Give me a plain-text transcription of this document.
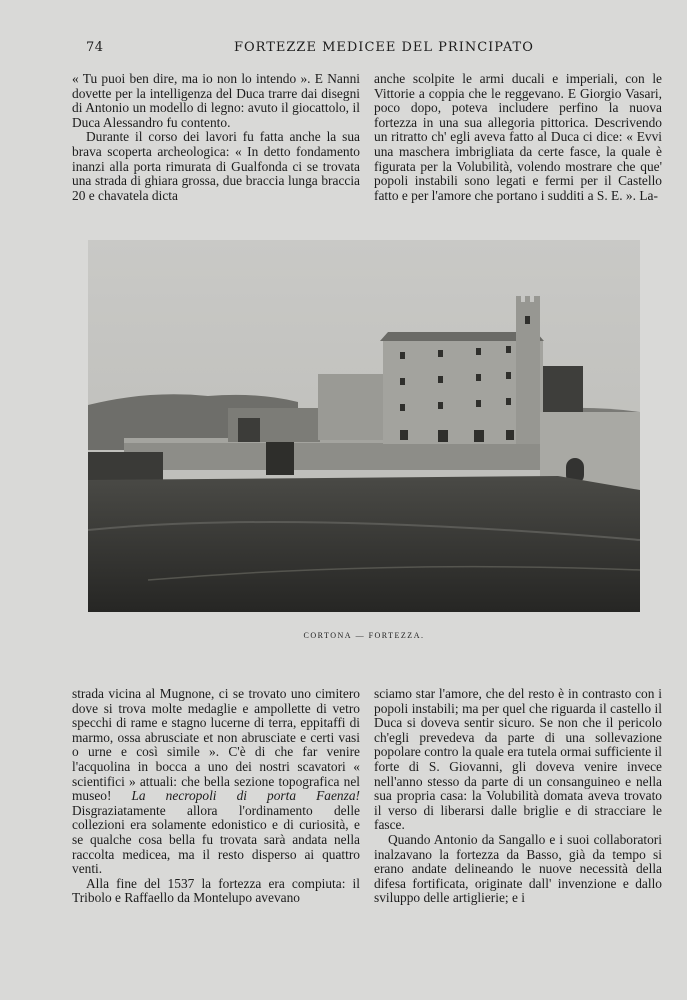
74	FORTEZZE MEDICEE DEL PRINCIPATO

« Tu puoi ben dire, ma io non lo intendo ». E Nanni dovette per la intelligenza del Duca trarre dai disegni di Antonio un modello di legno: avuto il giocattolo, il Duca Alessandro fu contento.

Durante il corso dei lavori fu fatta anche la sua brava scoperta archeologica: « In detto fondamento inanzi alla porta rimurata di Gualfonda ci se trovata una strada di ghiara grossa, due braccia lunga braccia 20 e chavatela dicta

anche scolpite le armi ducali e imperiali, con le Vittorie a coppia che le reggevano. E Giorgio Vasari, poco dopo, poteva includere perfino la nuova fortezza in una sua allegoria pittorica. Descrivendo un ritratto ch' egli aveva fatto al Duca ci dice: « Evvi una maschera imbrigliata da certe fasce, la quale è figurata per la Volubilità, volendo mostrare che que' popoli instabili sono legati e fermi per il Castello fatto e per l'amore che portano i sudditi a S. E. ». La-

CORTONA — FORTEZZA.

strada vicina al Mugnone, ci se trovato uno cimitero dove si trova molte medaglie e ampollette di vetro specchi di rame e stagno lucerne di terra, eppitaffi di marmo, ossa abrusciate et non abrusciate e certi vasi o urne e così simile ». C'è di che far venire l'acquolina in bocca a uno dei nostri scavatori « scientifici » attuali: che bella sezione topografica nel museo! La necropoli di porta Faenza! Disgraziatamente allora l'ordinamento delle collezioni era solamente edonistico e di curiosità, e se qualche cosa bella fu trovata sarà andata nella raccolta medicea, ma il resto disperso ai quattro venti.

Alla fine del 1537 la fortezza era compiuta: il Tribolo e Raffaello da Montelupo avevano

sciamo star l'amore, che del resto è in contrasto con i popoli instabili; ma per quel che riguarda il castello il Duca si doveva sentir sicuro. Se non che il pericolo ch'egli prevedeva da parte di una sollevazione popolare contro la quale era tutela ormai sufficiente il forte di S. Giovanni, gli doveva venire invece nell'anno stesso da parte di un consanguineo e nella sua propria casa: la Volubilità domata aveva trovato il verso di liberarsi dalle briglie e di stracciare le fasce.

Quando Antonio da Sangallo e i suoi collaboratori inalzavano la fortezza da Basso, già da tempo si erano andate delineando le nuove necessità della difesa fortificata, originate dall' invenzione e dallo sviluppo delle artiglierie; e i
